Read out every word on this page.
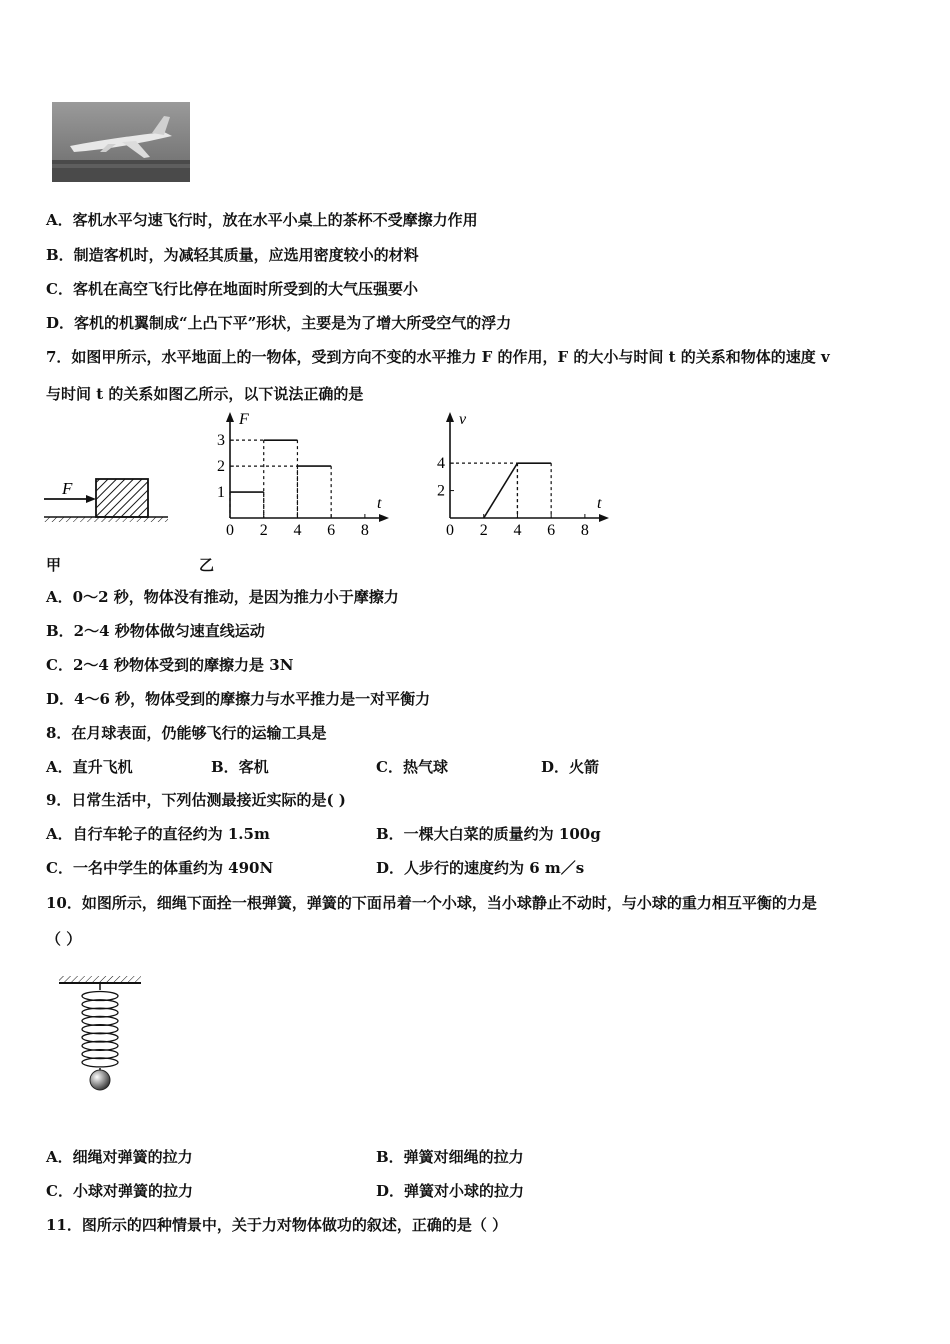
A．客机水平匀速飞行时，放在水平小桌上的茶杯不受摩擦力作用
B．制造客机时，为减轻其质量，应选用密度较小的材料
C．客机在高空飞行比停在地面时所受到的大气压强要小
D．客机的机翼制成“上凸下平”形状，主要是为了增大所受空气的浮力
7．如图甲所示，水平地面上的一物体，受到方向不变的水平推力 F 的作用，F 的大小与时间 t 的关系和物体的速度 v
与时间 t 的关系如图乙所示，以下说法正确的是
F
t
F
0 2 4 6 8
1
2
3
t
v
0 2 4 6 8
2
4
甲	乙
A．0～2 秒，物体没有推动，是因为推力小于摩擦力
B．2～4 秒物体做匀速直线运动
C．2～4 秒物体受到的摩擦力是 3N
D．4～6 秒，物体受到的摩擦力与水平推力是一对平衡力
8．在月球表面，仍能够飞行的运输工具是
A．直升飞机	B．客机	C．热气球	D．火箭
9．日常生活中，下列估测最接近实际的是( )
A．自行车轮子的直径约为 1.5m	B．一棵大白菜的质量约为 100g
C．一名中学生的体重约为 490N	D．人步行的速度约为 6 m／s
10．如图所示，细绳下面拴一根弹簧，弹簧的下面吊着一个小球，当小球静止不动时，与小球的重力相互平衡的力是
（ ）
A．细绳对弹簧的拉力	B．弹簧对细绳的拉力
C．小球对弹簧的拉力	D．弹簧对小球的拉力
11．图所示的四种情景中，关于力对物体做功的叙述，正确的是（ ）
